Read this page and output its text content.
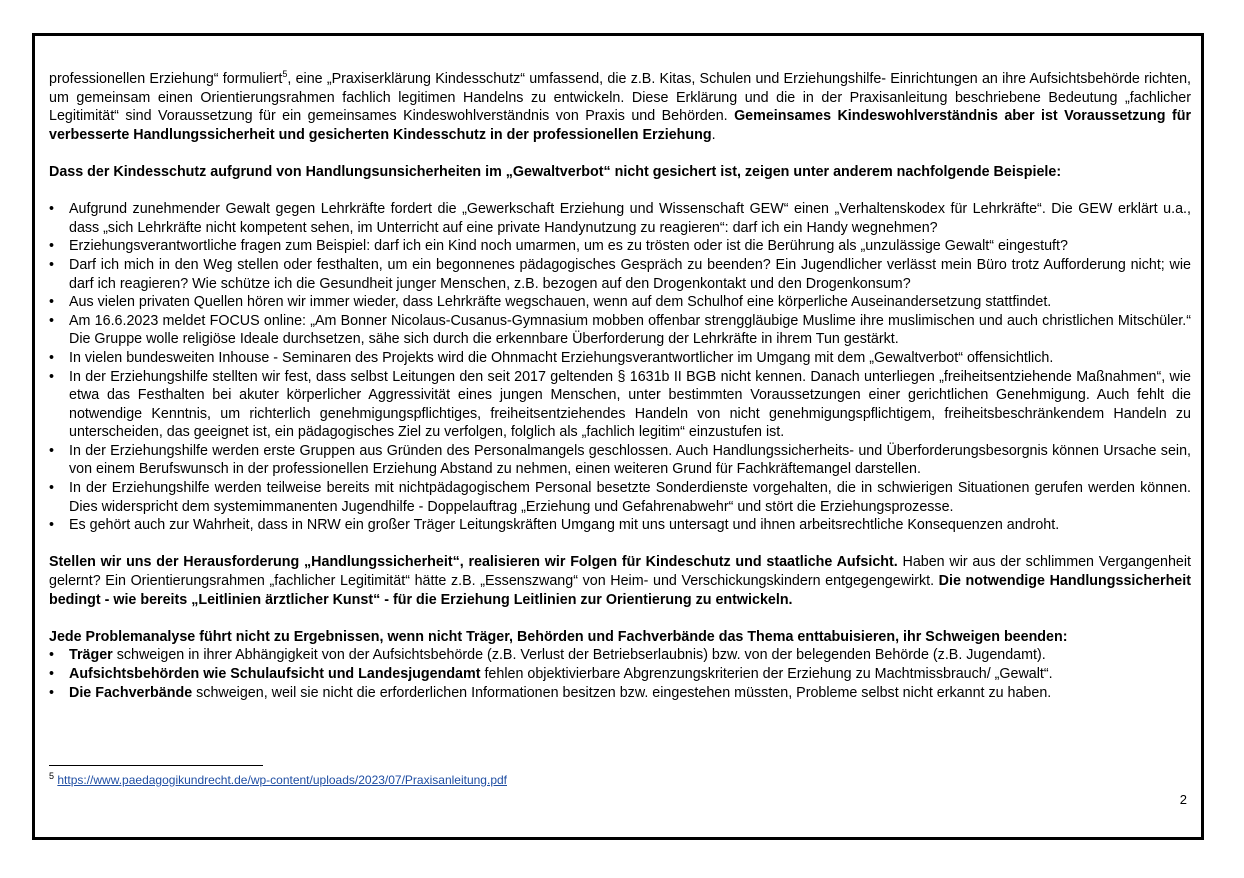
professionellen Erziehung“ formuliert$^5$, eine „Praxiserklärung Kindesschutz“ umfassend, die z.B. Kitas, Schulen und Erziehungshilfe- Einrichtungen an ihre Aufsichtsbehörde richten, um gemeinsam einen Orientierungsrahmen fachlich legitimen Handelns zu entwickeln. Diese Erklärung und die in der Praxisanleitung beschriebene Bedeutung „fachlicher Legitimität“ sind Voraussetzung für ein gemeinsames Kindeswohlverständnis von Praxis und Behörden. Gemeinsames Kindeswohlverständnis aber ist Voraussetzung für verbesserte Handlungssicherheit und gesicherten Kindesschutz in der professionellen Erziehung.

Dass der Kindesschutz aufgrund von Handlungsunsicherheiten im „Gewaltverbot“ nicht gesichert ist, zeigen unter anderem nachfolgende Beispiele:

• Aufgrund zunehmender Gewalt gegen Lehrkräfte fordert die „Gewerkschaft Erziehung und Wissenschaft GEW“ einen „Verhaltenskodex für Lehrkräfte“. Die GEW erklärt u.a., dass „sich Lehrkräfte nicht kompetent sehen, im Unterricht auf eine private Handynutzung zu reagieren“: darf ich ein Handy wegnehmen?
• Erziehungsverantwortliche fragen zum Beispiel: darf ich ein Kind noch umarmen, um es zu trösten oder ist die Berührung als „unzulässige Gewalt“ eingestuft?
• Darf ich mich in den Weg stellen oder festhalten, um ein begonnenes pädagogisches Gespräch zu beenden? Ein Jugendlicher verlässt mein Büro trotz Aufforderung nicht; wie darf ich reagieren? Wie schütze ich die Gesundheit junger Menschen, z.B. bezogen auf den Drogenkontakt und den Drogenkonsum?
• Aus vielen privaten Quellen hören wir immer wieder, dass Lehrkräfte wegschauen, wenn auf dem Schulhof eine körperliche Auseinandersetzung stattfindet.
• Am 16.6.2023 meldet FOCUS online: „Am Bonner Nicolaus-Cusanus-Gymnasium mobben offenbar strenggläubige Muslime ihre muslimischen und auch christlichen Mitschüler.“ Die Gruppe wolle religiöse Ideale durchsetzen, sähe sich durch die erkennbare Überforderung der Lehrkräfte in ihrem Tun gestärkt.
• In vielen bundesweiten Inhouse - Seminaren des Projekts wird die Ohnmacht Erziehungsverantwortlicher im Umgang mit dem „Gewaltverbot“ offensichtlich.
• In der Erziehungshilfe stellten wir fest, dass selbst Leitungen den seit 2017 geltenden § 1631b II BGB nicht kennen. Danach unterliegen „freiheitsentziehende Maßnahmen“, wie etwa das Festhalten bei akuter körperlicher Aggressivität eines jungen Menschen, unter bestimmten Voraussetzungen einer gerichtlichen Genehmigung. Auch fehlt die notwendige Kenntnis, um richterlich genehmigungspflichtiges, freiheitsentziehendes Handeln von nicht genehmigungspflichtigem, freiheitsbeschränkendem Handeln zu unterscheiden, das geeignet ist, ein pädagogisches Ziel zu verfolgen, folglich als „fachlich legitim“ einzustufen ist.
• In der Erziehungshilfe werden erste Gruppen aus Gründen des Personalmangels geschlossen. Auch Handlungssicherheits- und Überforderungsbesorgnis können Ursache sein, von einem Berufswunsch in der professionellen Erziehung Abstand zu nehmen, einen weiteren Grund für Fachkräftemangel darstellen.
• In der Erziehungshilfe werden teilweise bereits mit nichtpädagogischem Personal besetzte Sonderdienste vorgehalten, die in schwierigen Situationen gerufen werden können. Dies widerspricht dem systemimmanenten Jugendhilfe - Doppelauftrag „Erziehung und Gefahrenabwehr“ und stört die Erziehungsprozesse.
• Es gehört auch zur Wahrheit, dass in NRW ein großer Träger Leitungskräften Umgang mit uns untersagt und ihnen arbeitsrechtliche Konsequenzen androht.

Stellen wir uns der Herausforderung „Handlungssicherheit“, realisieren wir Folgen für Kindeschutz und staatliche Aufsicht. Haben wir aus der schlimmen Vergangenheit gelernt? Ein Orientierungsrahmen „fachlicher Legitimität“ hätte z.B. „Essenszwang“ von Heim- und Verschickungskindern entgegengewirkt. Die notwendige Handlungssicherheit bedingt - wie bereits „Leitlinien ärztlicher Kunst“ - für die Erziehung Leitlinien zur Orientierung zu entwickeln.

Jede Problemanalyse führt nicht zu Ergebnissen, wenn nicht Träger, Behörden und Fachverbände das Thema enttabuisieren, ihr Schweigen beenden:

• Träger schweigen in ihrer Abhängigkeit von der Aufsichtsbehörde (z.B. Verlust der Betriebserlaubnis) bzw. von der belegenden Behörde (z.B. Jugendamt).
• Aufsichtsbehörden wie Schulaufsicht und Landesjugendamt fehlen objektivierbare Abgrenzungskriterien der Erziehung zu Machtmissbrauch/ „Gewalt“.
• Die Fachverbände schweigen, weil sie nicht die erforderlichen Informationen besitzen bzw. eingestehen müssten, Probleme selbst nicht erkannt zu haben.
$^5$ https://www.paedagogikundrecht.de/wp-content/uploads/2023/07/Praxisanleitung.pdf
2
